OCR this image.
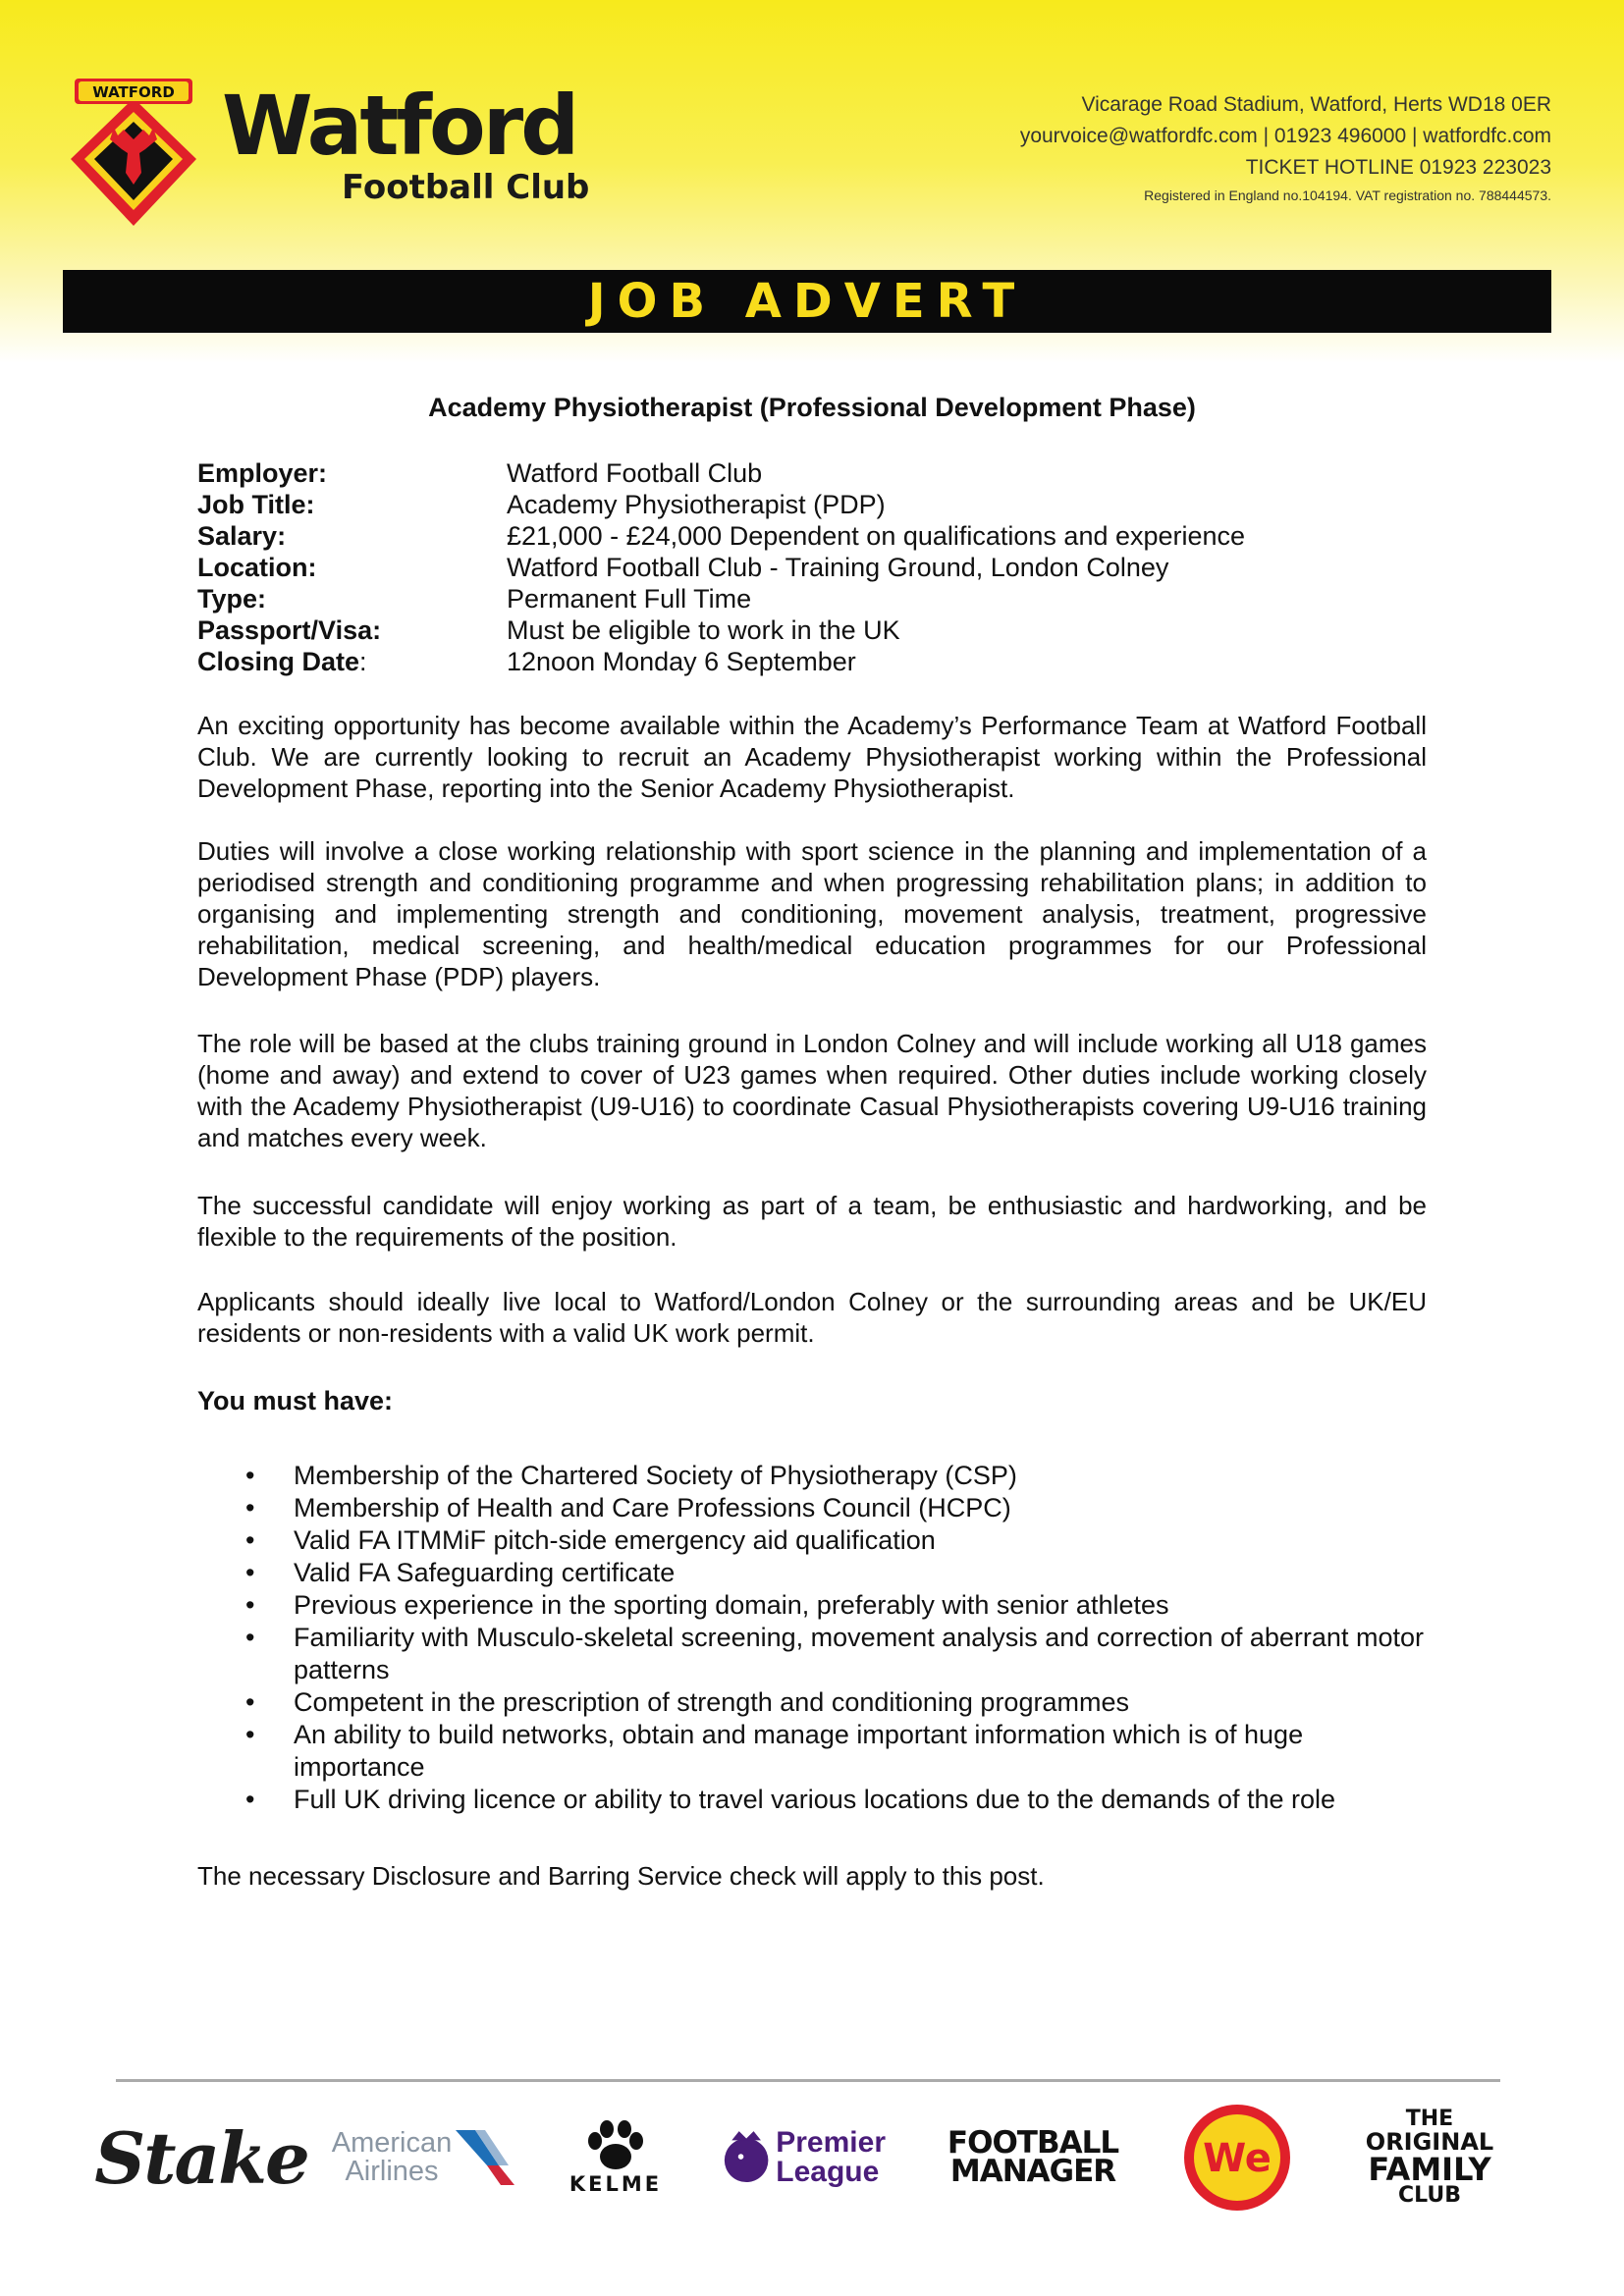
WATFORD Watford
Football Club
Vicarage Road Stadium, Watford, Herts WD18 0ER
yourvoice@watfordfc.com | 01923 496000 | watfordfc.com
TICKET HOTLINE 01923 223023
Registered in England no.104194. VAT registration no. 788444573.
JOB ADVERT
Academy Physiotherapist (Professional Development Phase)
Employer:	Watford Football Club
Job Title:	Academy Physiotherapist (PDP)
Salary:	£21,000 - £24,000 Dependent on qualifications and experience
Location:	Watford Football Club - Training Ground, London Colney
Type:	Permanent Full Time
Passport/Visa:	Must be eligible to work in the UK
Closing Date:	12noon Monday 6 September

An exciting opportunity has become available within the Academy’s Performance Team at Watford Football Club. We are currently looking to recruit an Academy Physiotherapist working within the Professional Development Phase, reporting into the Senior Academy Physiotherapist.

Duties will involve a close working relationship with sport science in the planning and implementation of a periodised strength and conditioning programme and when progressing rehabilitation plans; in addition to organising and implementing strength and conditioning, movement analysis, treatment, progressive rehabilitation, medical screening, and health/medical education programmes for our Professional Development Phase (PDP) players.

The role will be based at the clubs training ground in London Colney and will include working all U18 games (home and away) and extend to cover of U23 games when required. Other duties include working closely with the Academy Physiotherapist (U9-U16) to coordinate Casual Physiotherapists covering U9-U16 training and matches every week.

The successful candidate will enjoy working as part of a team, be enthusiastic and hardworking, and be flexible to the requirements of the position.

Applicants should ideally live local to Watford/London Colney or the surrounding areas and be UK/EU residents or non-residents with a valid UK work permit.

You must have:
•	Membership of the Chartered Society of Physiotherapy (CSP)
•	Membership of Health and Care Professions Council (HCPC)
•	Valid FA ITMMiF pitch-side emergency aid qualification
•	Valid FA Safeguarding certificate
•	Previous experience in the sporting domain, preferably with senior athletes
•	Familiarity with Musculo-skeletal screening, movement analysis and correction of aberrant motor patterns
•	Competent in the prescription of strength and conditioning programmes
•	An ability to build networks, obtain and manage important information which is of huge importance
•	Full UK driving licence or ability to travel various locations due to the demands of the role

The necessary Disclosure and Barring Service check will apply to this post.

Stake American
Airlines	KELME
Premier
League
FOOTBALL
MANAGER We
THE
ORIGINAL
FAMILY
CLUB
